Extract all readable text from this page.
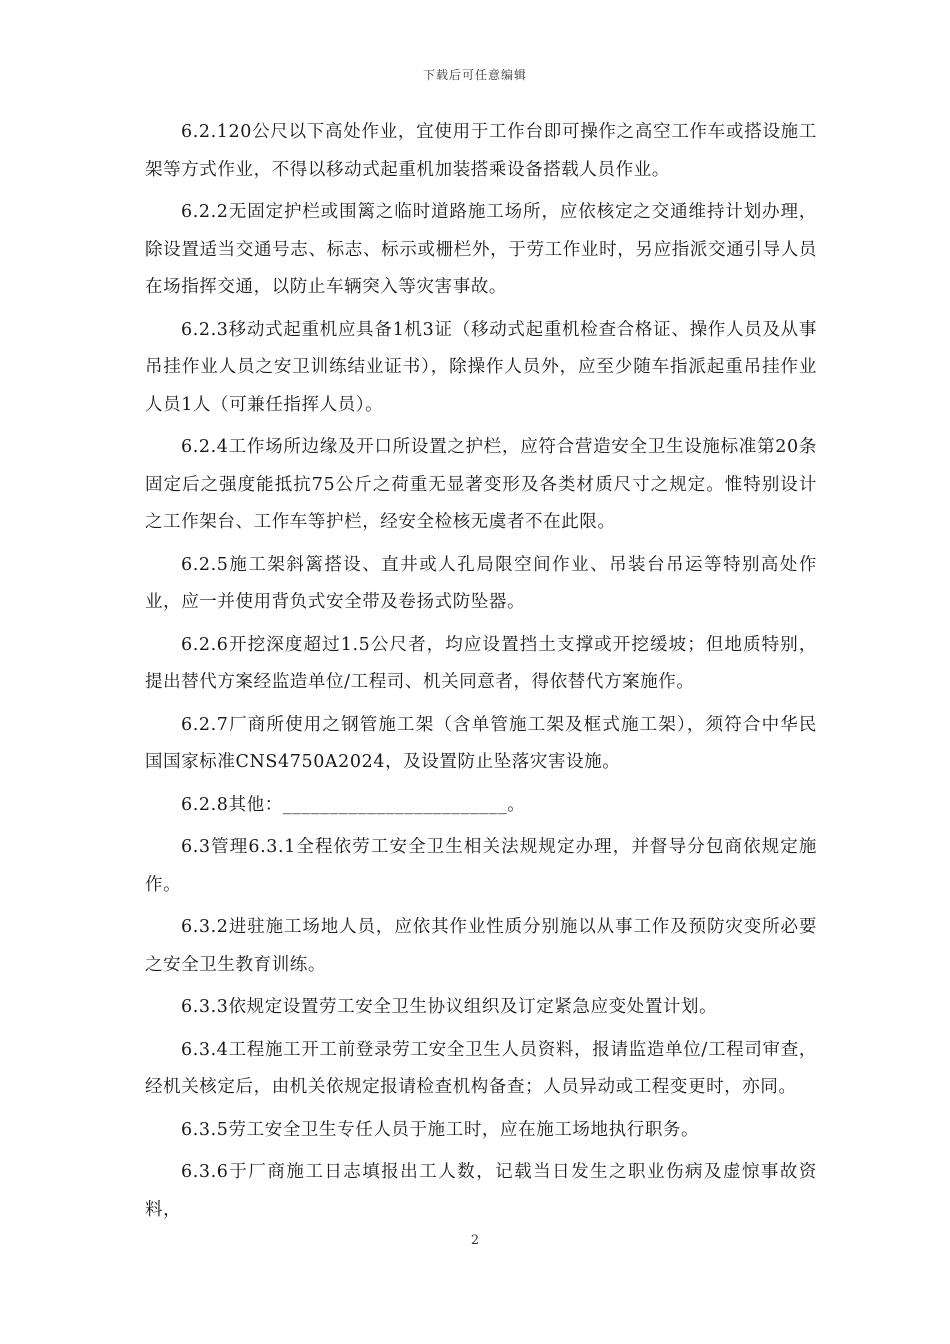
下载后可任意编辑

6.2.120公尺以下高处作业，宜使用于工作台即可操作之高空工作车或搭设施工架等方式作业，不得以移动式起重机加装搭乘设备搭载人员作业。

6.2.2无固定护栏或围篱之临时道路施工场所，应依核定之交通维持计划办理，除设置适当交通号志、标志、标示或栅栏外，于劳工作业时，另应指派交通引导人员在场指挥交通，以防止车辆突入等灾害事故。

6.2.3移动式起重机应具备1机3证（移动式起重机检查合格证、操作人员及从事吊挂作业人员之安卫训练结业证书），除操作人员外，应至少随车指派起重吊挂作业人员1人（可兼任指挥人员）。

6.2.4工作场所边缘及开口所设置之护栏，应符合营造安全卫生设施标准第20条固定后之强度能抵抗75公斤之荷重无显著变形及各类材质尺寸之规定。惟特别设计之工作架台、工作车等护栏，经安全检核无虞者不在此限。

6.2.5施工架斜篱搭设、直井或人孔局限空间作业、吊装台吊运等特别高处作业，应一并使用背负式安全带及卷扬式防坠器。

6.2.6开挖深度超过1.5公尺者，均应设置挡土支撑或开挖缓坡；但地质特别，提出替代方案经监造单位/工程司、机关同意者，得依替代方案施作。

6.2.7厂商所使用之钢管施工架（含单管施工架及框式施工架），须符合中华民国国家标准CNS4750A2024，及设置防止坠落灾害设施。

6.2.8其他：________________________。

6.3管理6.3.1全程依劳工安全卫生相关法规规定办理，并督导分包商依规定施作。

6.3.2进驻施工场地人员，应依其作业性质分别施以从事工作及预防灾变所必要之安全卫生教育训练。

6.3.3依规定设置劳工安全卫生协议组织及订定紧急应变处置计划。

6.3.4工程施工开工前登录劳工安全卫生人员资料，报请监造单位/工程司审查，经机关核定后，由机关依规定报请检查机构备查；人员异动或工程变更时，亦同。

6.3.5劳工安全卫生专任人员于施工时，应在施工场地执行职务。

6.3.6于厂商施工日志填报出工人数，记载当日发生之职业伤病及虚惊事故资料，

2
